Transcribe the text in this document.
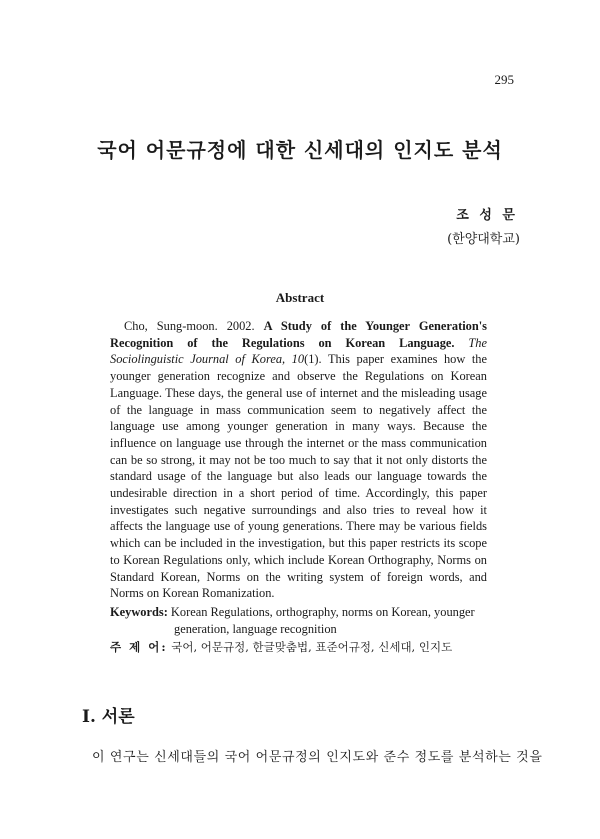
295
국어 어문규정에 대한 신세대의 인지도 분석
조 성 문
(한양대학교)
Abstract
Cho, Sung-moon. 2002. A Study of the Younger Generation's Recognition of the Regulations on Korean Language. The Sociolinguistic Journal of Korea, 10(1). This paper examines how the younger generation recognize and observe the Regulations on Korean Language. These days, the general use of internet and the misleading usage of the language in mass communication seem to negatively affect the language use among younger generation in many ways. Because the influence on language use through the internet or the mass communication can be so strong, it may not be too much to say that it not only distorts the standard usage of the language but also leads our language towards the undesirable direction in a short period of time. Accordingly, this paper investigates such negative surroundings and also tries to reveal how it affects the language use of young generations. There may be various fields which can be included in the investigation, but this paper restricts its scope to Korean Regulations only, which include Korean Orthography, Norms on Standard Korean, Norms on the writing system of foreign words, and Norms on Korean Romanization.
Keywords: Korean Regulations, orthography, norms on Korean, younger
generation, language recognition
주 제 어: 국어, 어문규정, 한글맞춤법, 표준어규정, 신세대, 인지도
I. 서론
이 연구는 신세대들의 국어 어문규정의 인지도와 준수 정도를 분석하는 것을
